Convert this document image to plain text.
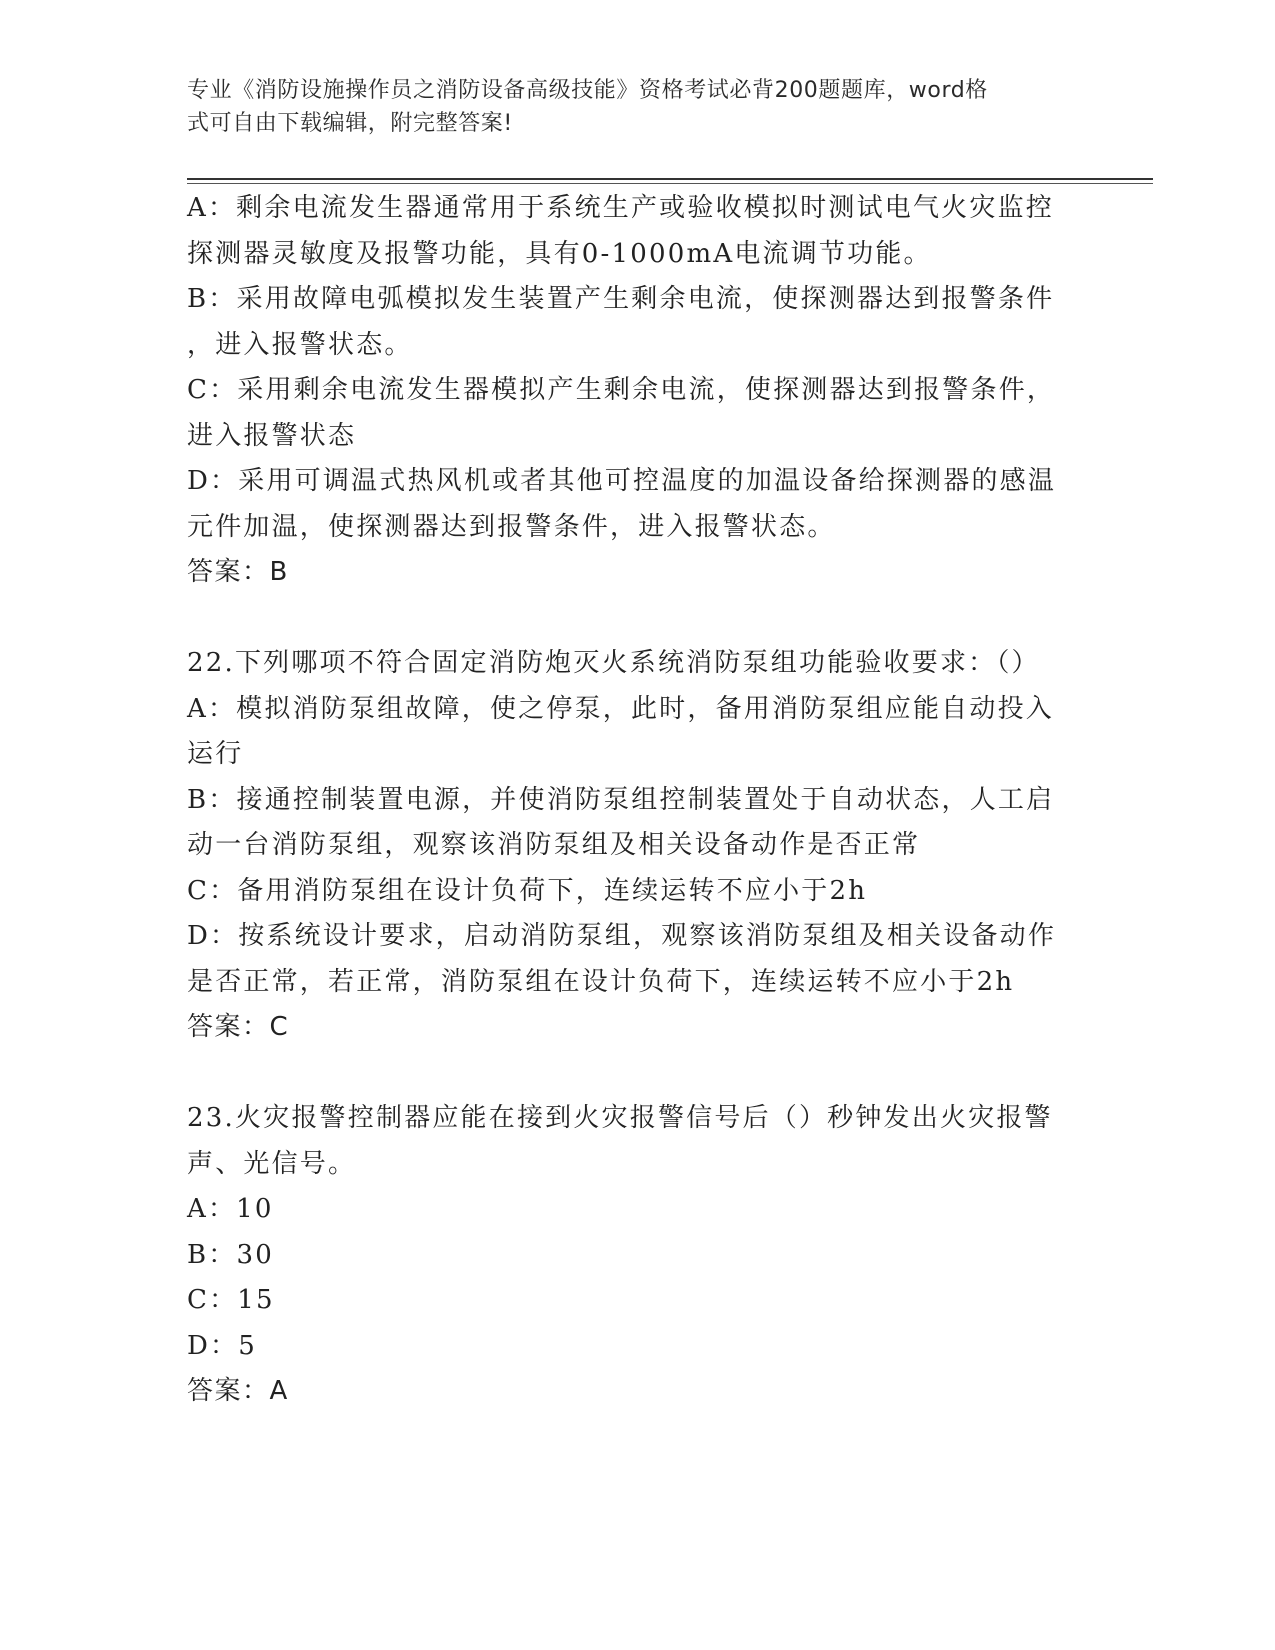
专业《消防设施操作员之消防设备高级技能》资格考试必背200题题库，word格
式可自由下载编辑，附完整答案!
A：剩余电流发生器通常用于系统生产或验收模拟时测试电气火灾监控
探测器灵敏度及报警功能，具有0-1000mA电流调节功能。
B：采用故障电弧模拟发生装置产生剩余电流，使探测器达到报警条件
，进入报警状态。
C：采用剩余电流发生器模拟产生剩余电流，使探测器达到报警条件，
进入报警状态
D：采用可调温式热风机或者其他可控温度的加温设备给探测器的感温
元件加温，使探测器达到报警条件，进入报警状态。
答案：B
22.下列哪项不符合固定消防炮灭火系统消防泵组功能验收要求：（）
A：模拟消防泵组故障，使之停泵，此时，备用消防泵组应能自动投入
运行
B：接通控制装置电源，并使消防泵组控制装置处于自动状态，人工启
动一台消防泵组，观察该消防泵组及相关设备动作是否正常
C：备用消防泵组在设计负荷下，连续运转不应小于2h
D：按系统设计要求，启动消防泵组，观察该消防泵组及相关设备动作
是否正常，若正常，消防泵组在设计负荷下，连续运转不应小于2h
答案：C
23.火灾报警控制器应能在接到火灾报警信号后（）秒钟发出火灾报警
声、光信号。
A：10
B：30
C：15
D：5
答案：A
